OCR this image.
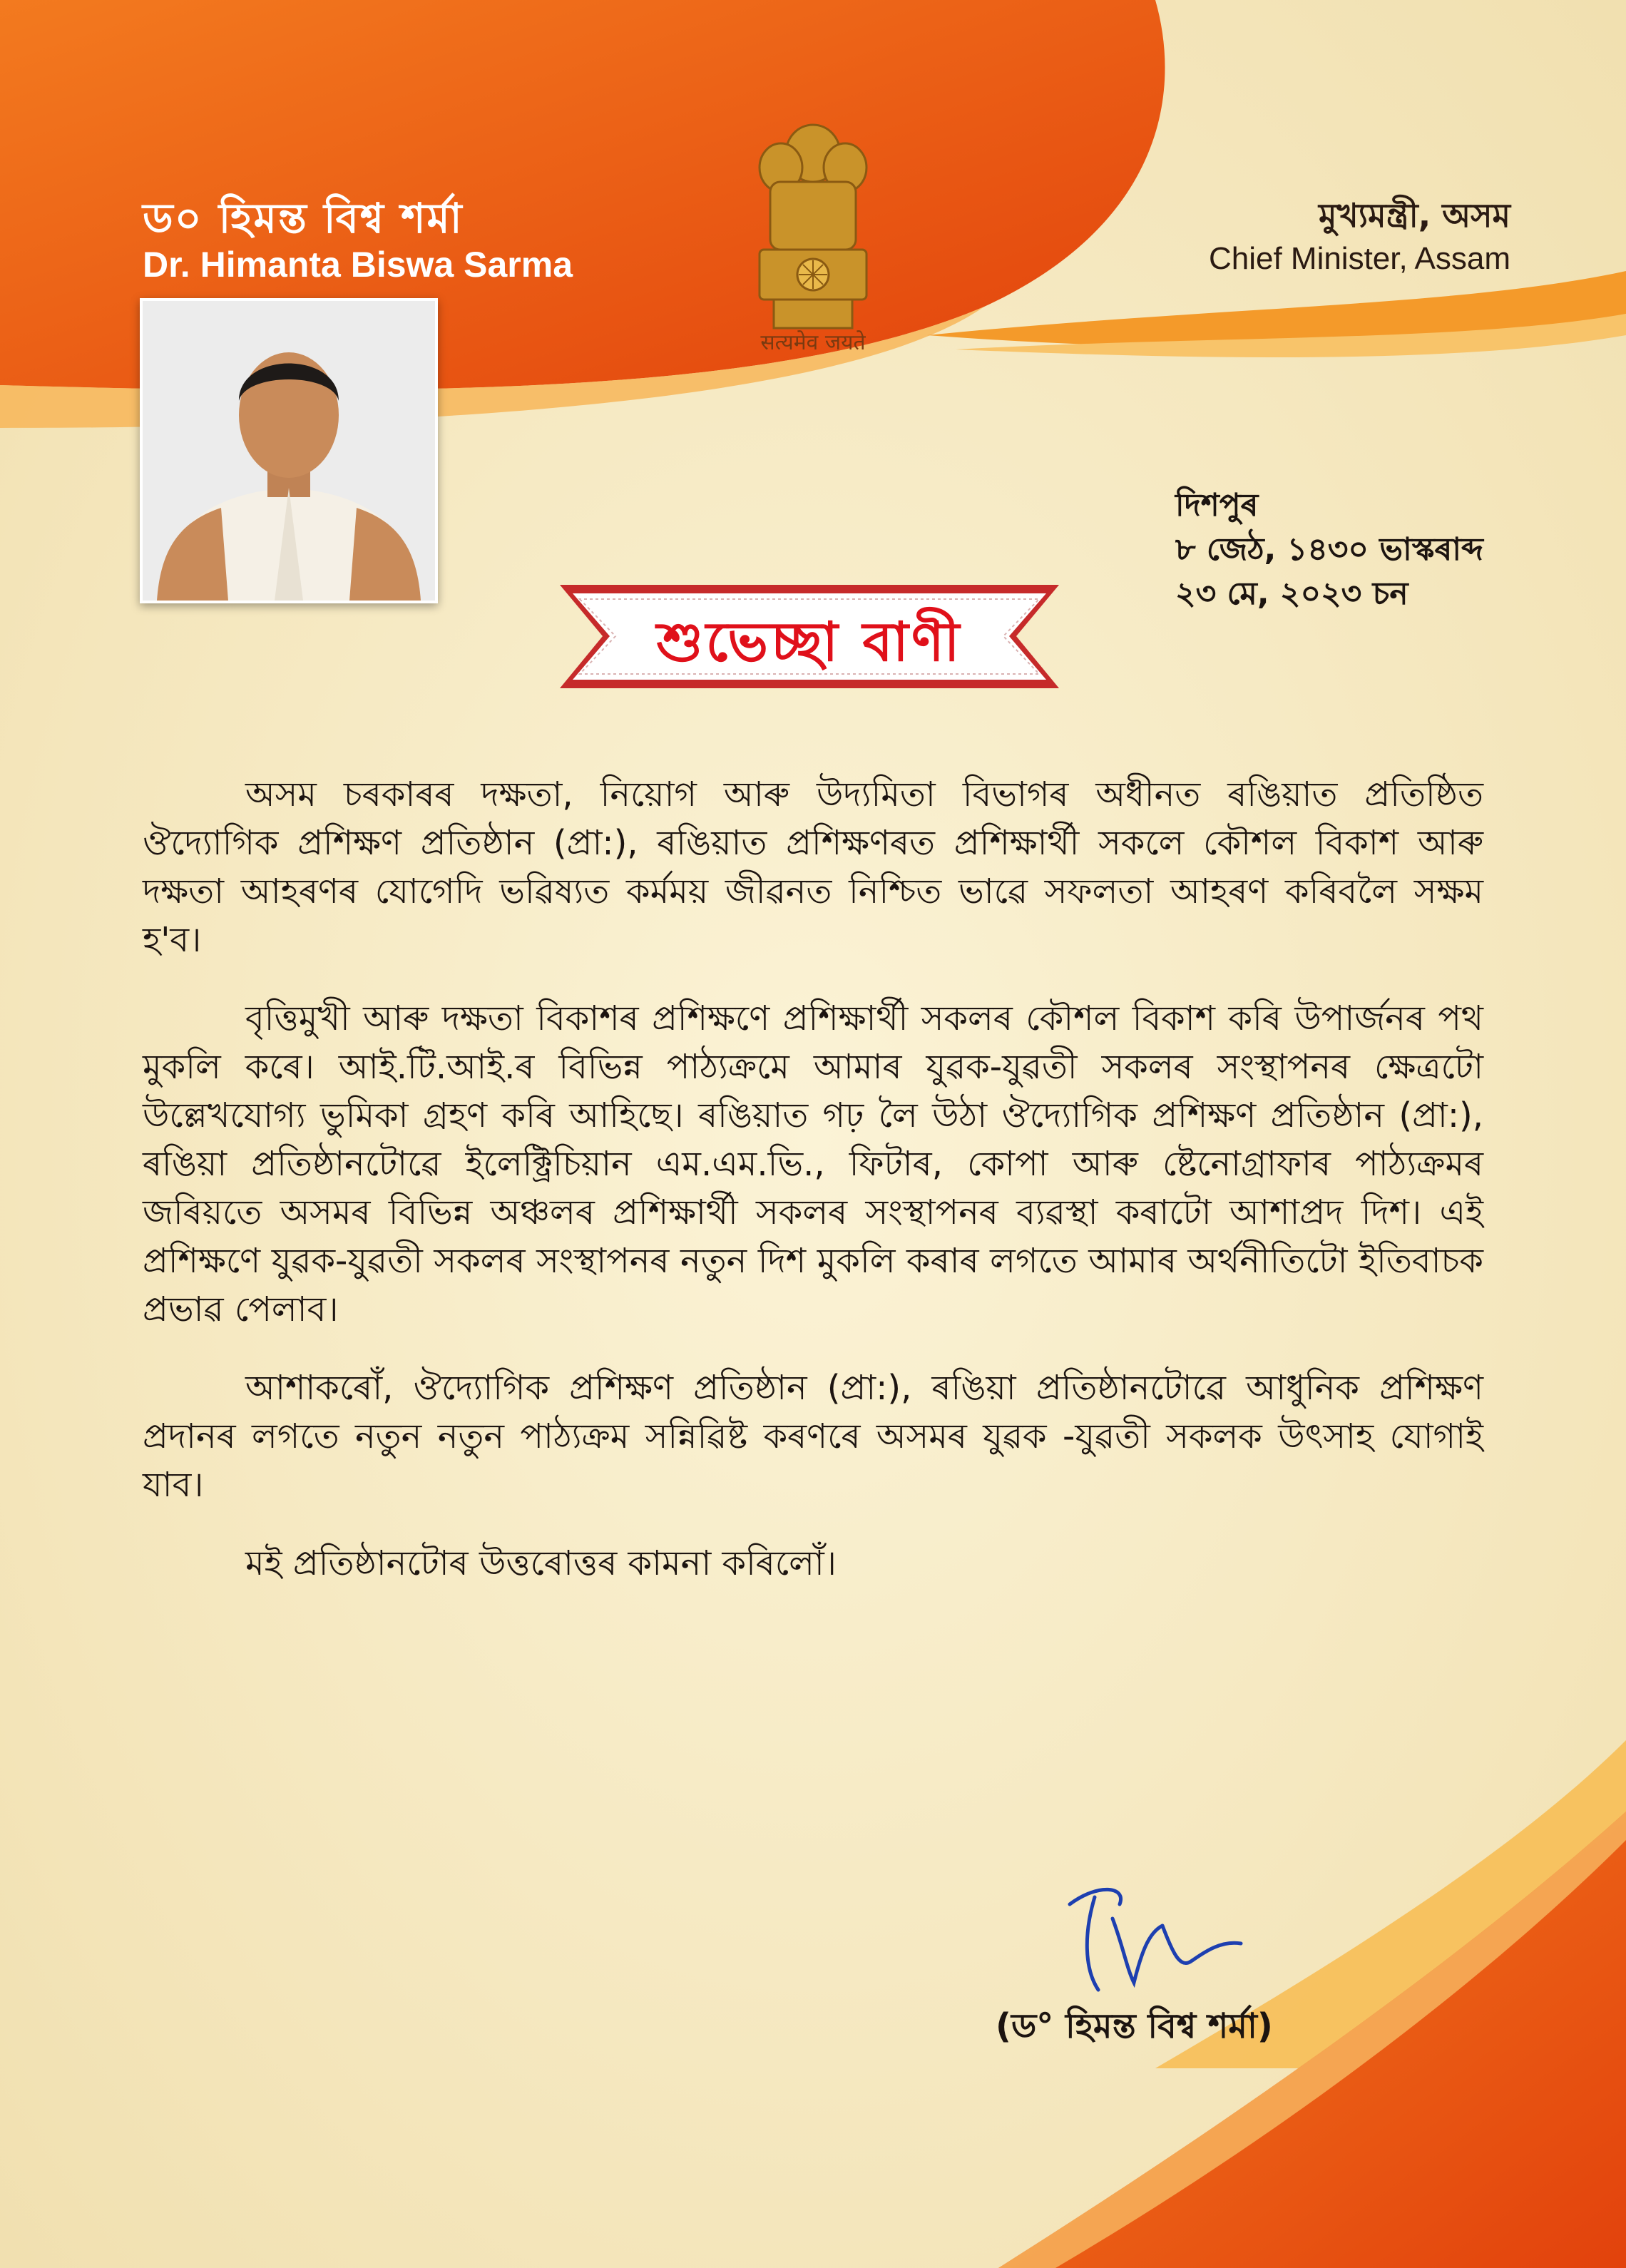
ড০ হিমন্ত বিশ্ব শৰ্মা
Dr. Himanta Biswa Sarma
মুখ্যমন্ত্ৰী, অসম
Chief Minister, Assam
सत्यमेव जयते
দিশপুৰ
৮ জেঠ, ১৪৩০ ভাস্কৰাব্দ
২৩ মে, ২০২৩ চন
শুভেচ্ছা বাণী

অসম চৰকাৰৰ দক্ষতা, নিয়োগ আৰু উদ্যমিতা বিভাগৰ অধীনত ৰঙিয়াত প্ৰতিষ্ঠিত ঔদ্যোগিক প্ৰশিক্ষণ প্ৰতিষ্ঠান (প্ৰা:), ৰঙিয়াত প্ৰশিক্ষণৰত প্ৰশিক্ষাৰ্থী সকলে কৌশল বিকাশ আৰু দক্ষতা আহৰণৰ যোগেদি ভৱিষ্যত কৰ্মময় জীৱনত নিশ্চিত ভাৱে সফলতা আহৰণ কৰিবলৈ সক্ষম হ'ব।

বৃত্তিমুখী আৰু দক্ষতা বিকাশৰ প্ৰশিক্ষণে প্ৰশিক্ষাৰ্থী সকলৰ কৌশল বিকাশ কৰি উপাৰ্জনৰ পথ মুকলি কৰে। আই.টি.আই.ৰ বিভিন্ন পাঠ্যক্ৰমে আমাৰ যুৱক-যুৱতী সকলৰ সংস্থাপনৰ ক্ষেত্ৰটো উল্লেখযোগ্য ভুমিকা গ্ৰহণ কৰি আহিছে। ৰঙিয়াত গঢ় লৈ উঠা ঔদ্যোগিক প্ৰশিক্ষণ প্ৰতিষ্ঠান (প্ৰা:), ৰঙিয়া প্ৰতিষ্ঠানটোৱে ইলেক্ট্ৰিচিয়ান এম.এম.ভি., ফিটাৰ, কোপা আৰু ষ্টেনোগ্ৰাফাৰ পাঠ্যক্ৰমৰ জৰিয়তে অসমৰ বিভিন্ন অঞ্চলৰ প্ৰশিক্ষাৰ্থী সকলৰ সংস্থাপনৰ ব্যৱস্থা কৰাটো আশাপ্ৰদ দিশ। এই প্ৰশিক্ষণে যুৱক-যুৱতী সকলৰ সংস্থাপনৰ নতুন দিশ মুকলি কৰাৰ লগতে আমাৰ অৰ্থনীতিটো ইতিবাচক প্ৰভাৱ পেলাব।

আশাকৰোঁ, ঔদ্যোগিক প্ৰশিক্ষণ প্ৰতিষ্ঠান (প্ৰা:), ৰঙিয়া প্ৰতিষ্ঠানটোৱে আধুনিক প্ৰশিক্ষণ প্ৰদানৰ লগতে নতুন নতুন পাঠ্যক্ৰম সন্নিৱিষ্ট কৰণৰে অসমৰ যুৱক -যুৱতী সকলক উৎসাহ যোগাই যাব।

মই প্ৰতিষ্ঠানটোৰ উত্তৰোত্তৰ কামনা কৰিলোঁ।

(ড° হিমন্ত বিশ্ব শৰ্মা)
